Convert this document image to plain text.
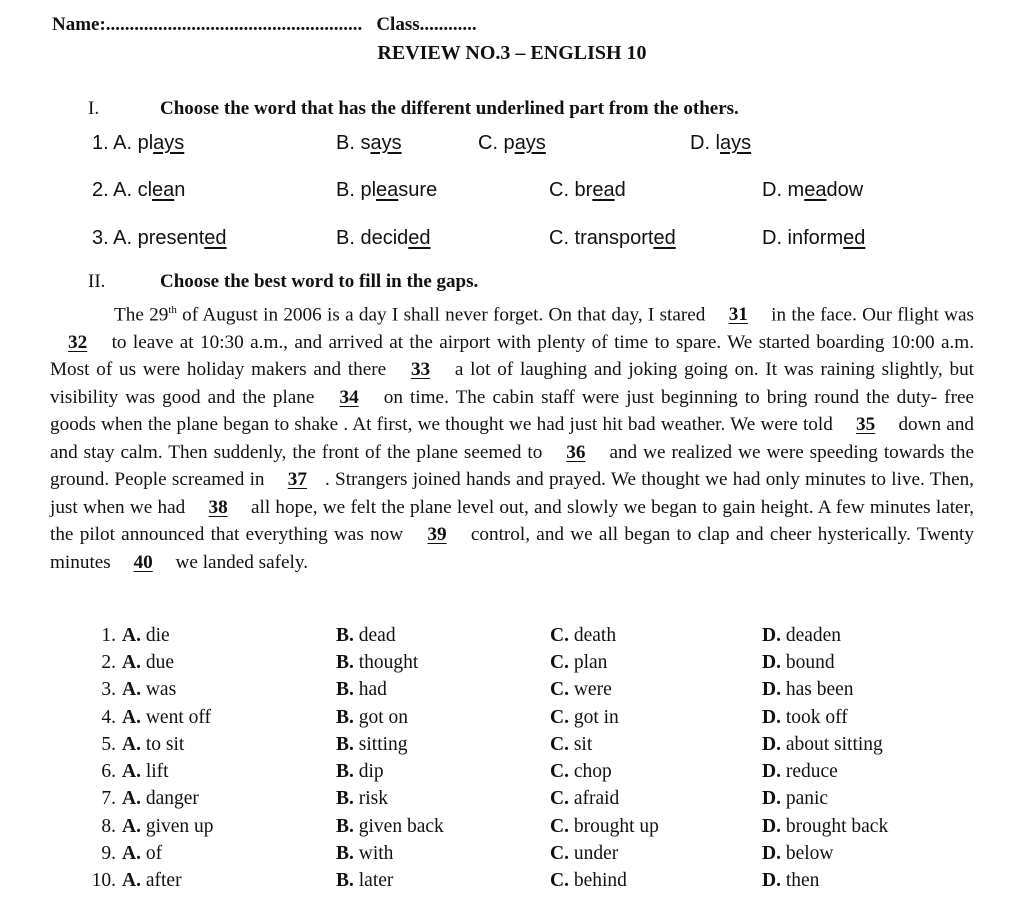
Name:...................................................... Class............
REVIEW NO.3 – ENGLISH 10
I.	Choose the word that has the different underlined part from the others.
1. A. plays	B. says	C. pays	D. lays
2. A. clean	B. pleasure	C. bread	D. meadow
3. A. presented	B. decided	C. transported	D. informed
II.	Choose the best word to fill in the gaps.
The 29th of August in 2006 is a day I shall never forget. On that day, I stared 31 in the face. Our flight was 32 to leave at 10:30 a.m., and arrived at the airport with plenty of time to spare. We started boarding 10:00 a.m. Most of us were holiday makers and there 33 a lot of laughing and joking going on. It was raining slightly, but visibility was good and the plane 34 on time. The cabin staff were just beginning to bring round the duty- free goods when the plane began to shake . At first, we thought we had just hit bad weather. We were told 35 down and and stay calm. Then suddenly, the front of the plane seemed to 36 and we realized we were speeding towards the ground. People screamed in 37 . Strangers joined hands and prayed. We thought we had only minutes to live. Then, just when we had 38 all hope, we felt the plane level out, and slowly we began to gain height. A few minutes later, the pilot announced that everything was now 39 control, and we all began to clap and cheer hysterically. Twenty minutes 40 we landed safely.
1. A. die	B. dead	C. death	D. deaden
2. A. due	B. thought	C. plan	D. bound
3. A. was	B. had	C. were	D. has been
4. A. went off	B. got on	C. got in	D. took off
5. A. to sit	B. sitting	C. sit	D. about sitting
6. A. lift	B. dip	C. chop	D. reduce
7. A. danger	B. risk	C. afraid	D. panic
8. A. given up	B. given back	C. brought up	D. brought back
9. A. of	B. with	C. under	D. below
10. A. after	B. later	C. behind	D. then
